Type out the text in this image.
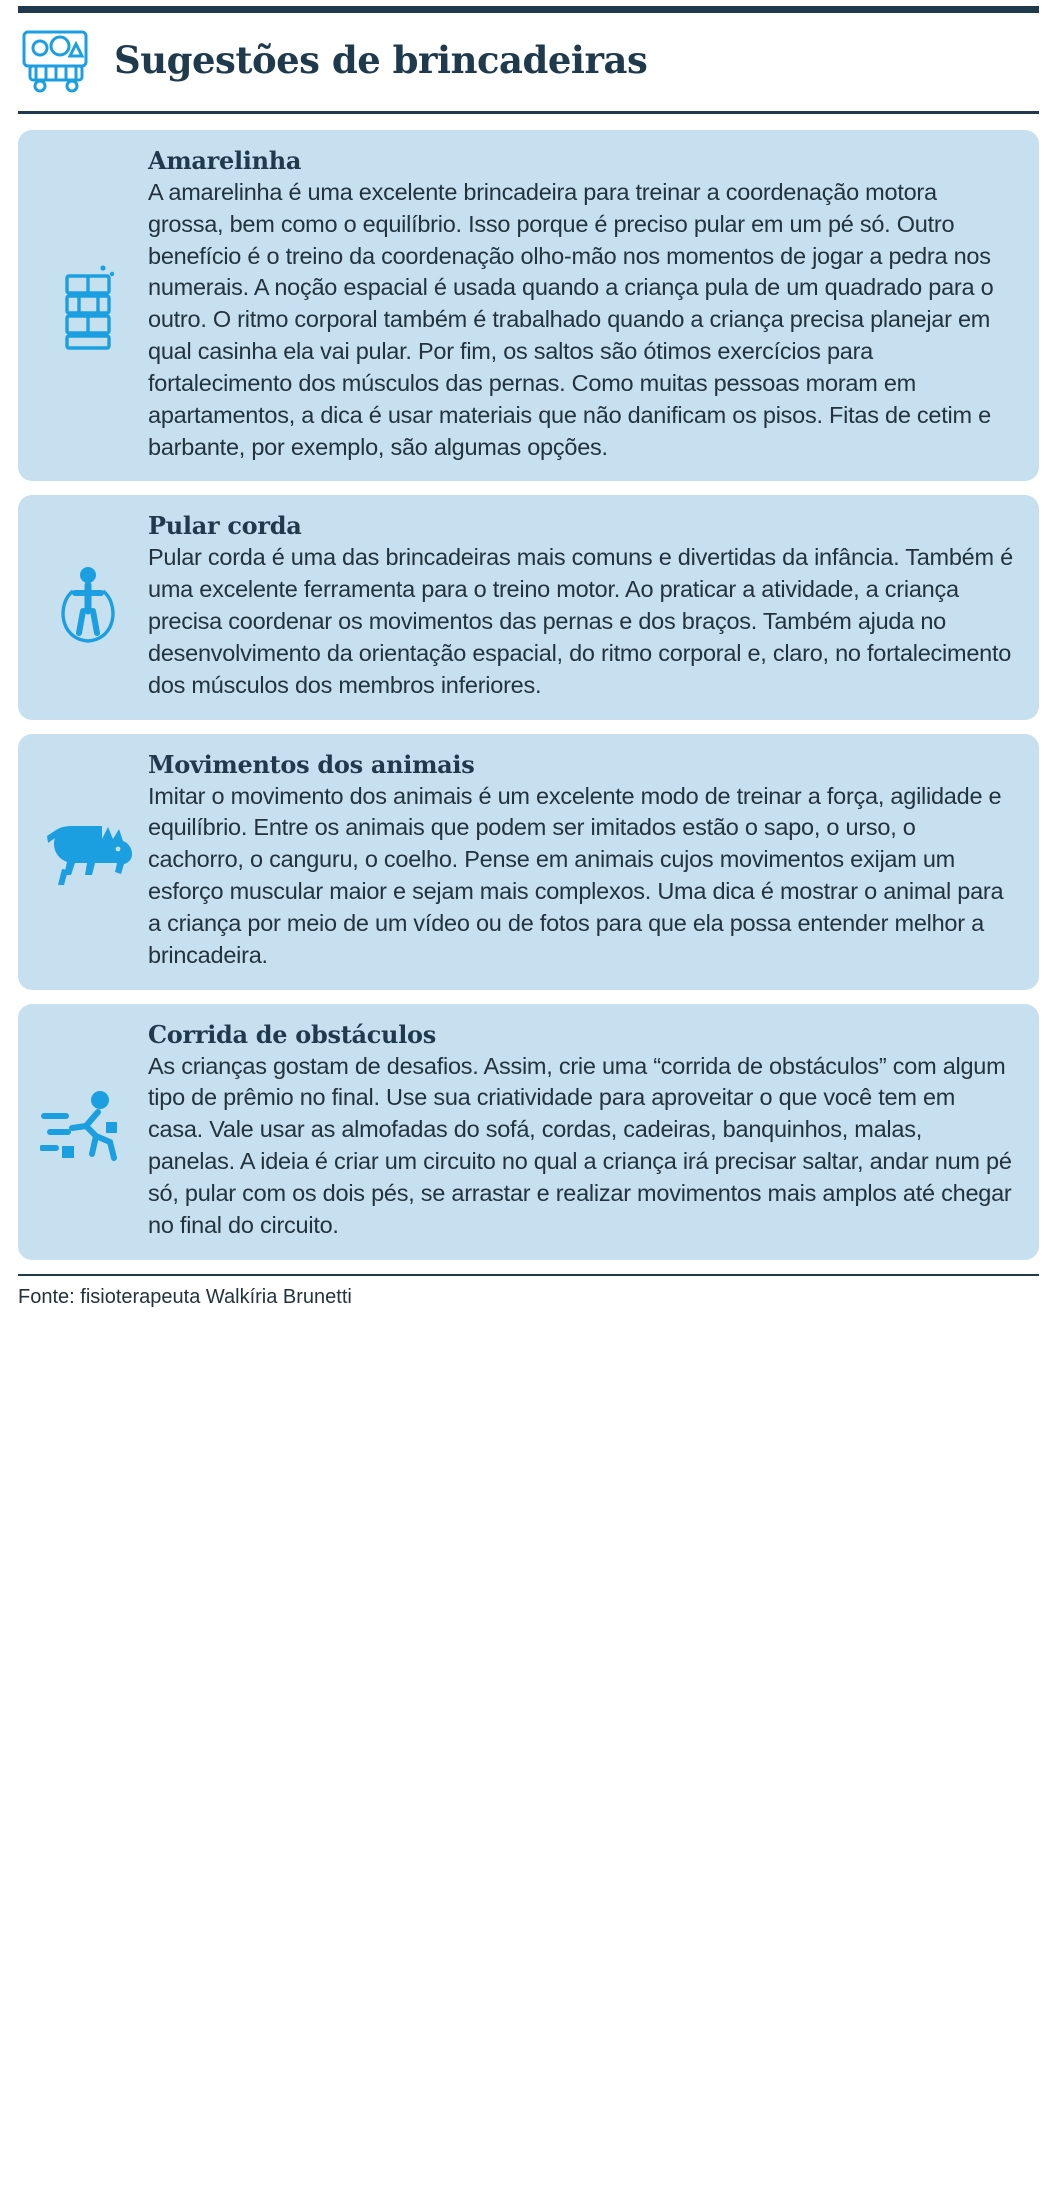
Sugestões de brincadeiras
Amarelinha

A amarelinha é uma excelente brincadeira para treinar a coordenação motora grossa, bem como o equilíbrio. Isso porque é preciso pular em um pé só. Outro benefício é o treino da coordenação olho-mão nos momentos de jogar a pedra nos numerais. A noção espacial é usada quando a criança pula de um quadrado para o outro. O ritmo corporal também é trabalhado quando a criança precisa planejar em qual casinha ela vai pular. Por fim, os saltos são ótimos exercícios para fortalecimento dos músculos das pernas. Como muitas pessoas moram em apartamentos, a dica é usar materiais que não danificam os pisos. Fitas de cetim e barbante, por exemplo, são algumas opções.

Pular corda

Pular corda é uma das brincadeiras mais comuns e divertidas da infância. Também é uma excelente ferramenta para o treino motor. Ao praticar a atividade, a criança precisa coordenar os movimentos das pernas e dos braços. Também ajuda no desenvolvimento da orientação espacial, do ritmo corporal e, claro, no fortalecimento dos músculos dos membros inferiores.

Movimentos dos animais

Imitar o movimento dos animais é um excelente modo de treinar a força, agilidade e equilíbrio. Entre os animais que podem ser imitados estão o sapo, o urso, o cachorro, o canguru, o coelho. Pense em animais cujos movimentos exijam um esforço muscular maior e sejam mais complexos. Uma dica é mostrar o animal para a criança por meio de um vídeo ou de fotos para que ela possa entender melhor a brincadeira.

Corrida de obstáculos

As crianças gostam de desafios. Assim, crie uma “corrida de obstáculos” com algum tipo de prêmio no final. Use sua criatividade para aproveitar o que você tem em casa. Vale usar as almofadas do sofá, cordas, cadeiras, banquinhos, malas, panelas. A ideia é criar um circuito no qual a criança irá precisar saltar, andar num pé só, pular com os dois pés, se arrastar e realizar movimentos mais amplos até chegar no final do circuito.

Fonte: fisioterapeuta Walkíria Brunetti
